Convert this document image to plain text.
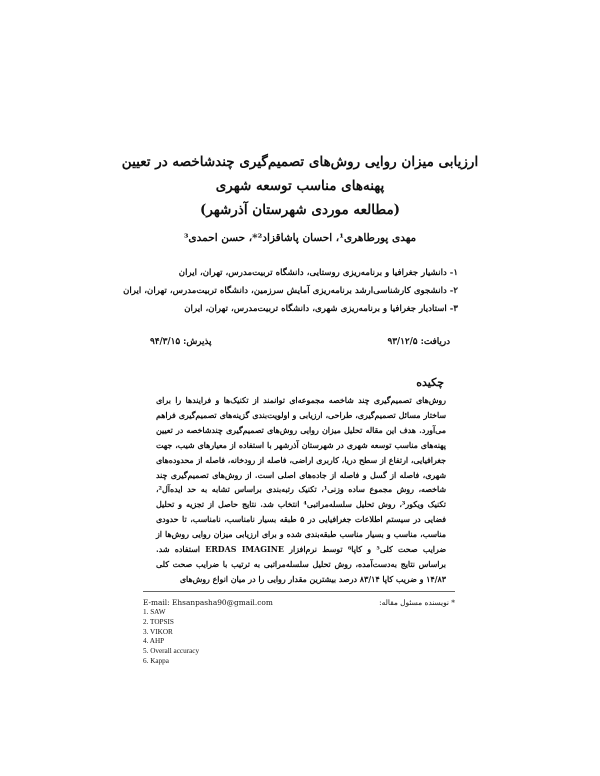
ارزیابی میزان روایی روش‌های تصمیم‌گیری چندشاخصه در تعیین
پهنه‌های مناسب توسعه شهری
(مطالعه موردی شهرستان آذرشهر)
مهدی پورطاهری¹، احسان پاشاقزاد²*، حسن احمدی³
۱- دانشیار جغرافیا و برنامه‌ریزی روستایی، دانشگاه تربیت‌مدرس، تهران، ایران
۲- دانشجوی کارشناسی‌ارشد برنامه‌ریزی آمایش سرزمین، دانشگاه تربیت‌مدرس، تهران، ایران
۳- استادیار جغرافیا و برنامه‌ریزی شهری، دانشگاه تربیت‌مدرس، تهران، ایران
دریافت: ۹۳/۱۲/۵
پذیرش: ۹۴/۳/۱۵
چکیده
روش‌های تصمیم‌گیری چند شاخصه مجموعه‌ای توانمند از تکنیک‌ها و فرایندها را برای ساختار مسائل تصمیم‌گیری، طراحی، ارزیابی و اولویت‌بندی گزینه‌های تصمیم‌گیری فراهم می‌آورد. هدف این مقاله تحلیل میزان روایی روش‌های تصمیم‌گیری چندشاخصه در تعیین پهنه‌های مناسب توسعه شهری در شهرستان آذرشهر با استفاده از معیارهای شیب، جهت جغرافیایی، ارتفاع از سطح دریا، کاربری اراضی، فاصله از رودخانه، فاصله از محدوده‌های شهری، فاصله از گسل و فاصله از جاده‌های اصلی است. از روش‌های تصمیم‌گیری چند شاخصه، روش مجموع ساده وزنی¹، تکنیک رتبه‌بندی براساس تشابه به حد ایده‌آل²، تکنیک ویکور³، روش تحلیل سلسله‌مراتبی⁴ انتخاب شد. نتایج حاصل از تجزیه و تحلیل فضایی در سیستم اطلاعات جغرافیایی در ۵ طبقه بسیار نامناسب، نامناسب، تا حدودی مناسب، مناسب و بسیار مناسب طبقه‌بندی شده و برای ارزیابی میزان روایی روش‌ها از ضرایب صحت کلی⁵ و کاپا⁶ توسط نرم‌افزار ERDAS IMAGINE استفاده شد. براساس نتایج به‌دست‌آمده، روش تحلیل سلسله‌مراتبی به ترتیب با ضرایب صحت کلی ۱۴/۸۳ و ضریب کاپا ۸۳/۱۴ درصد بیشترین مقدار روایی را در میان انواع روش‌های
E-mail: Ehsanpasha90@gmail.com	* نویسنده مسئول مقاله:
1. SAW
2. TOPSIS
3. VIKOR
4. AHP
5. Overall accuracy
6. Kappa
